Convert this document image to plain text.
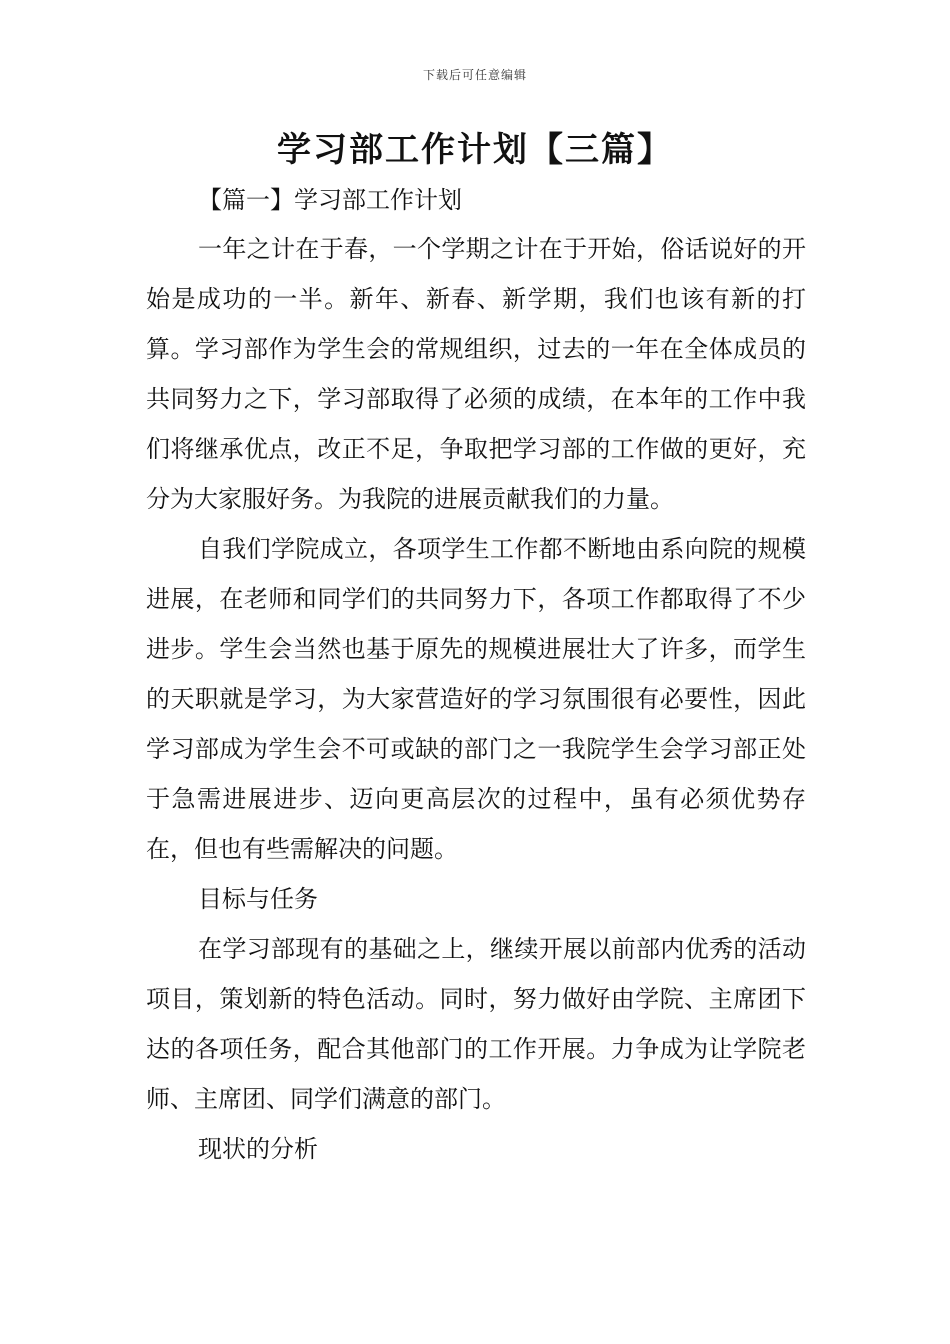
下载后可任意编辑
学习部工作计划【三篇】
【篇一】学习部工作计划

一年之计在于春，一个学期之计在于开始，俗话说好的开始是成功的一半。新年、新春、新学期，我们也该有新的打算。学习部作为学生会的常规组织，过去的一年在全体成员的共同努力之下，学习部取得了必须的成绩，在本年的工作中我们将继承优点，改正不足，争取把学习部的工作做的更好，充分为大家服好务。为我院的进展贡献我们的力量。

自我们学院成立，各项学生工作都不断地由系向院的规模进展，在老师和同学们的共同努力下，各项工作都取得了不少进步。学生会当然也基于原先的规模进展壮大了许多，而学生的天职就是学习，为大家营造好的学习氛围很有必要性，因此学习部成为学生会不可或缺的部门之一我院学生会学习部正处于急需进展进步、迈向更高层次的过程中，虽有必须优势存在，但也有些需解决的问题。

目标与任务

在学习部现有的基础之上，继续开展以前部内优秀的活动项目，策划新的特色活动。同时，努力做好由学院、主席团下达的各项任务，配合其他部门的工作开展。力争成为让学院老师、主席团、同学们满意的部门。

现状的分析
